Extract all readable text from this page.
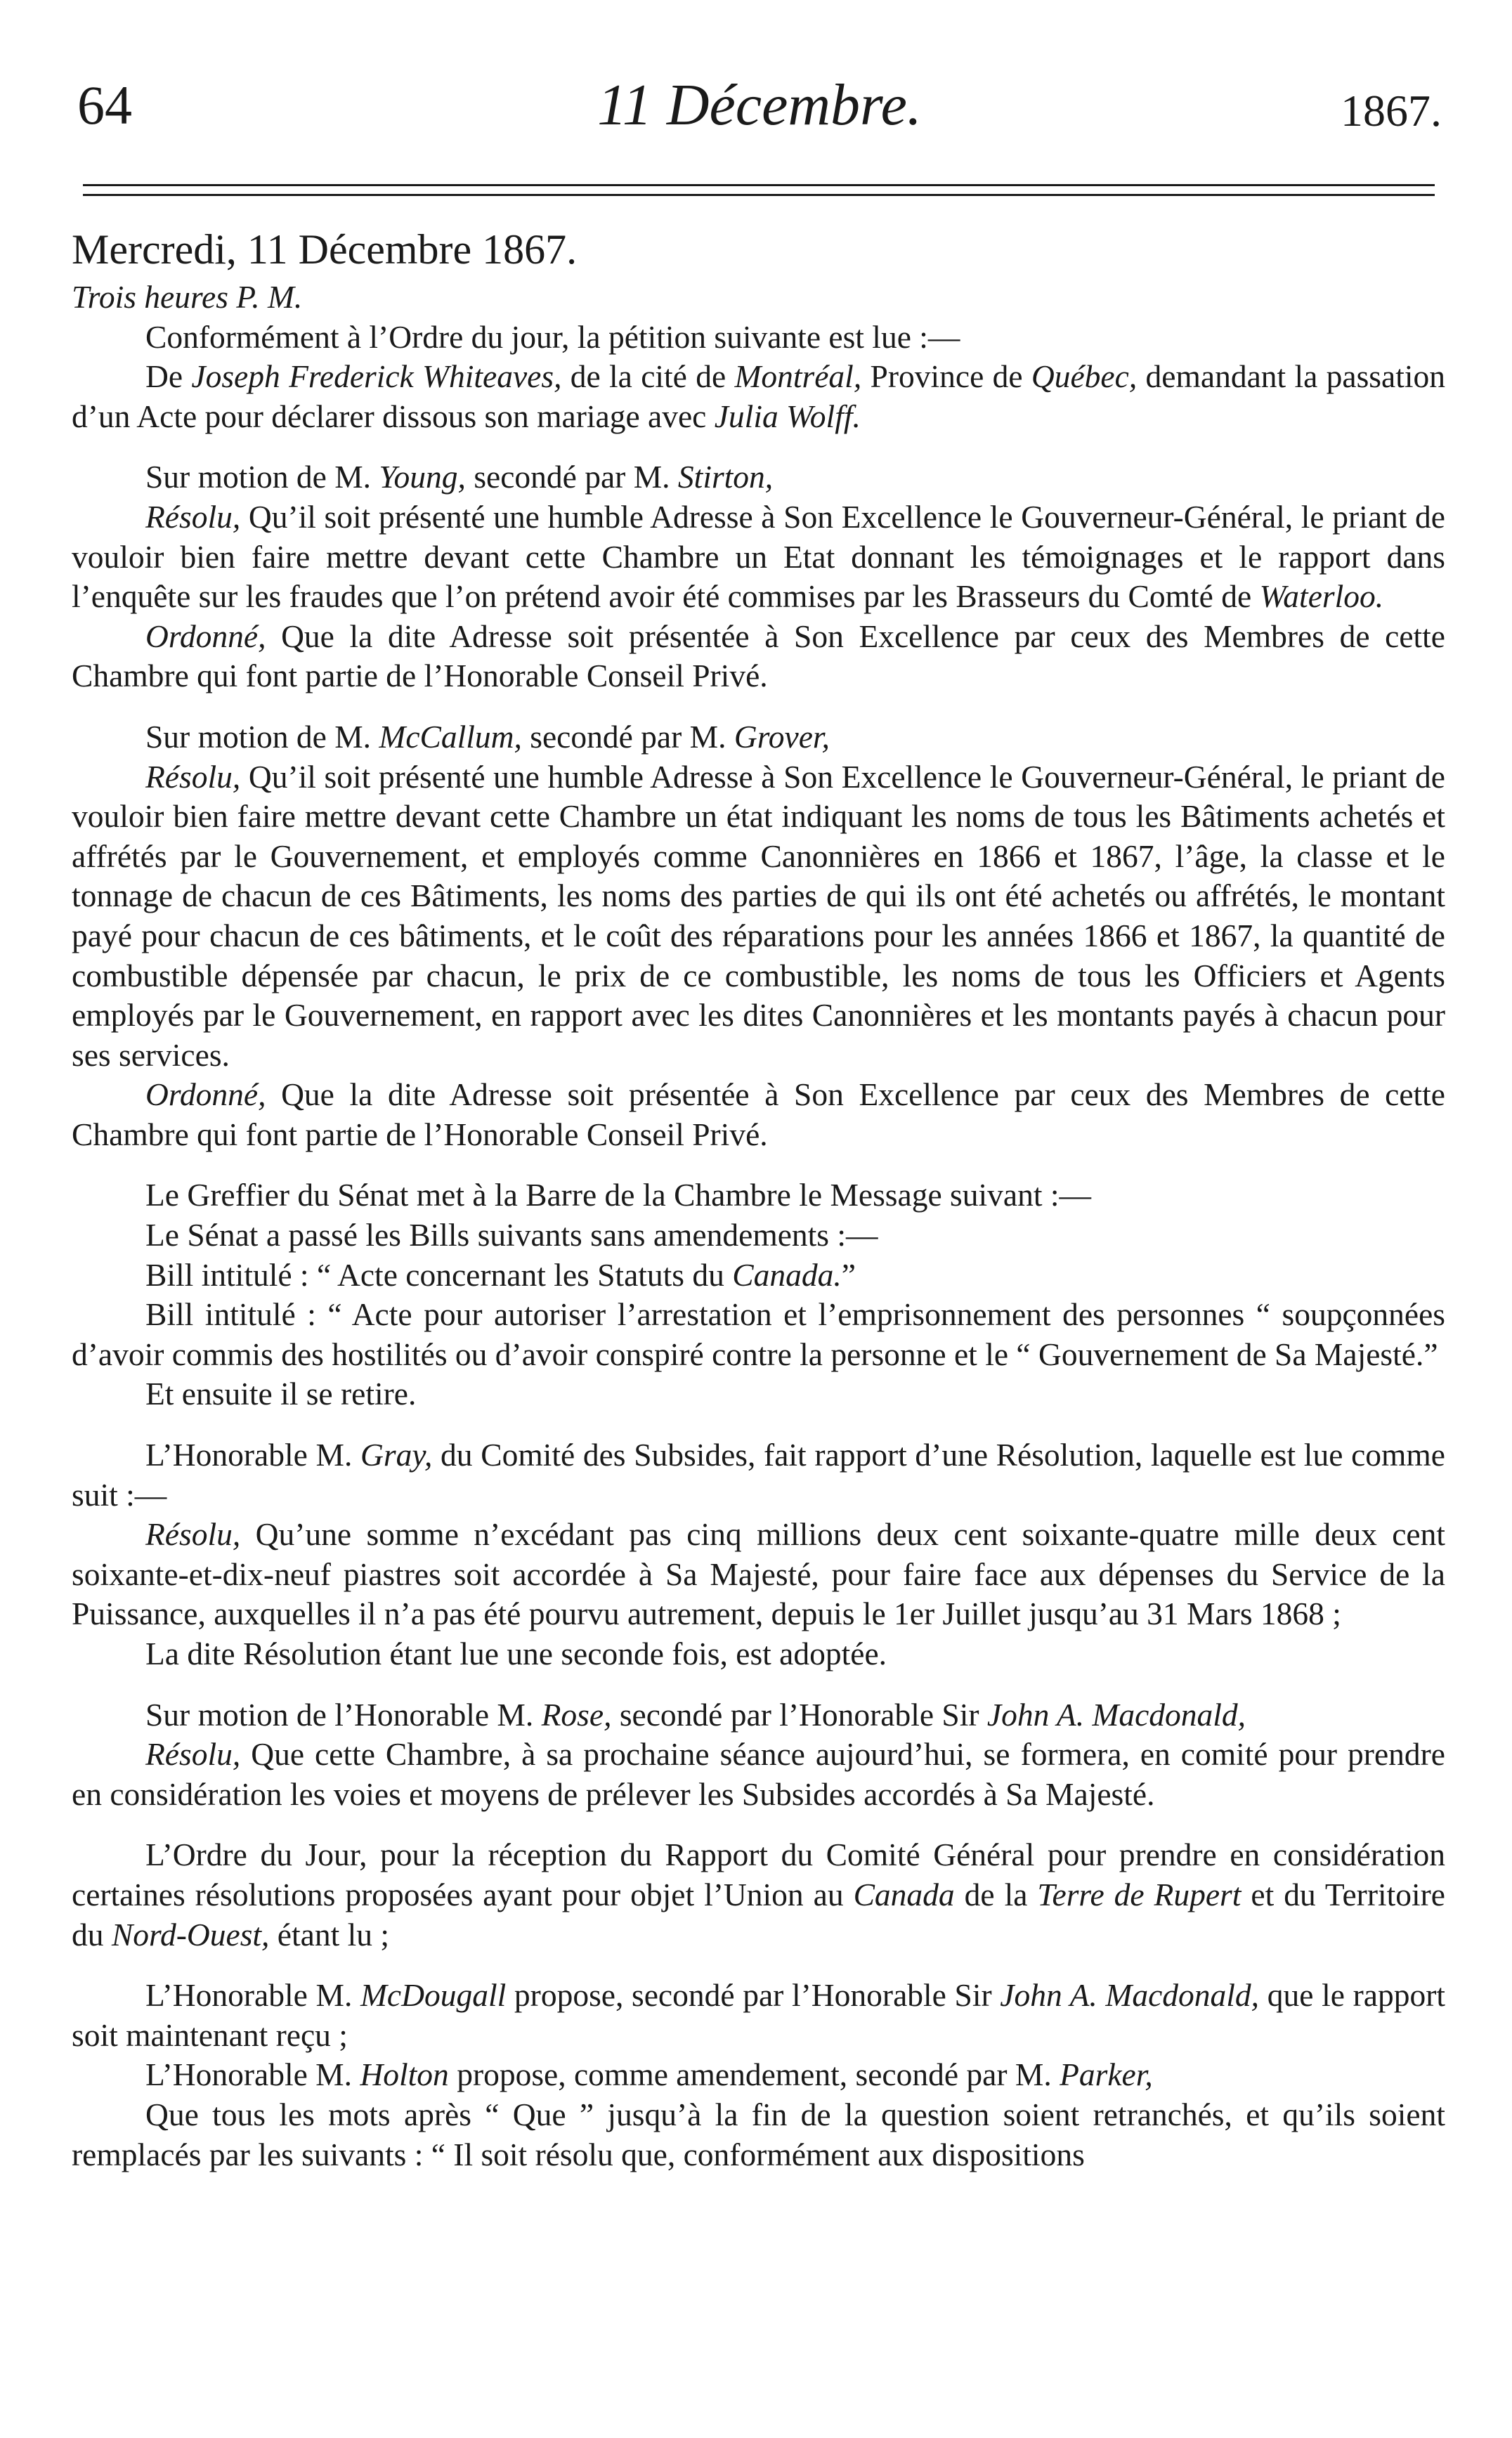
64	11 Décembre.	1867.

Mercredi, 11 Décembre 1867.

Trois heures P. M.

Conformément à l’Ordre du jour, la pétition suivante est lue :—

De Joseph Frederick Whiteaves, de la cité de Montréal, Province de Québec, demandant la passation d’un Acte pour déclarer dissous son mariage avec Julia Wolff.

Sur motion de M. Young, secondé par M. Stirton,

Résolu, Qu’il soit présenté une humble Adresse à Son Excellence le Gouverneur-Général, le priant de vouloir bien faire mettre devant cette Chambre un Etat donnant les témoignages et le rapport dans l’enquête sur les fraudes que l’on prétend avoir été commises par les Brasseurs du Comté de Waterloo.

Ordonné, Que la dite Adresse soit présentée à Son Excellence par ceux des Membres de cette Chambre qui font partie de l’Honorable Conseil Privé.

Sur motion de M. McCallum, secondé par M. Grover,

Résolu, Qu’il soit présenté une humble Adresse à Son Excellence le Gouverneur-Général, le priant de vouloir bien faire mettre devant cette Chambre un état indiquant les noms de tous les Bâtiments achetés et affrétés par le Gouvernement, et employés comme Canonnières en 1866 et 1867, l’âge, la classe et le tonnage de chacun de ces Bâtiments, les noms des parties de qui ils ont été achetés ou affrétés, le montant payé pour chacun de ces bâtiments, et le coût des réparations pour les années 1866 et 1867, la quantité de combustible dépensée par chacun, le prix de ce combustible, les noms de tous les Officiers et Agents employés par le Gouvernement, en rapport avec les dites Canonnières et les montants payés à chacun pour ses services.

Ordonné, Que la dite Adresse soit présentée à Son Excellence par ceux des Membres de cette Chambre qui font partie de l’Honorable Conseil Privé.

Le Greffier du Sénat met à la Barre de la Chambre le Message suivant :—

Le Sénat a passé les Bills suivants sans amendements :—

Bill intitulé : “ Acte concernant les Statuts du Canada.”

Bill intitulé : “ Acte pour autoriser l’arrestation et l’emprisonnement des personnes “ soupçonnées d’avoir commis des hostilités ou d’avoir conspiré contre la personne et le “ Gouvernement de Sa Majesté.”

Et ensuite il se retire.

L’Honorable M. Gray, du Comité des Subsides, fait rapport d’une Résolution, laquelle est lue comme suit :—

Résolu, Qu’une somme n’excédant pas cinq millions deux cent soixante-quatre mille deux cent soixante-et-dix-neuf piastres soit accordée à Sa Majesté, pour faire face aux dépenses du Service de la Puissance, auxquelles il n’a pas été pourvu autrement, depuis le 1er Juillet jusqu’au 31 Mars 1868 ;

La dite Résolution étant lue une seconde fois, est adoptée.

Sur motion de l’Honorable M. Rose, secondé par l’Honorable Sir John A. Macdonald,

Résolu, Que cette Chambre, à sa prochaine séance aujourd’hui, se formera, en comité pour prendre en considération les voies et moyens de prélever les Subsides accordés à Sa Majesté.

L’Ordre du Jour, pour la réception du Rapport du Comité Général pour prendre en considération certaines résolutions proposées ayant pour objet l’Union au Canada de la Terre de Rupert et du Territoire du Nord-Ouest, étant lu ;

L’Honorable M. McDougall propose, secondé par l’Honorable Sir John A. Macdonald, que le rapport soit maintenant reçu ;

L’Honorable M. Holton propose, comme amendement, secondé par M. Parker,

Que tous les mots après “ Que ” jusqu’à la fin de la question soient retranchés, et qu’ils soient remplacés par les suivants : “ Il soit résolu que, conformément aux dispositions
